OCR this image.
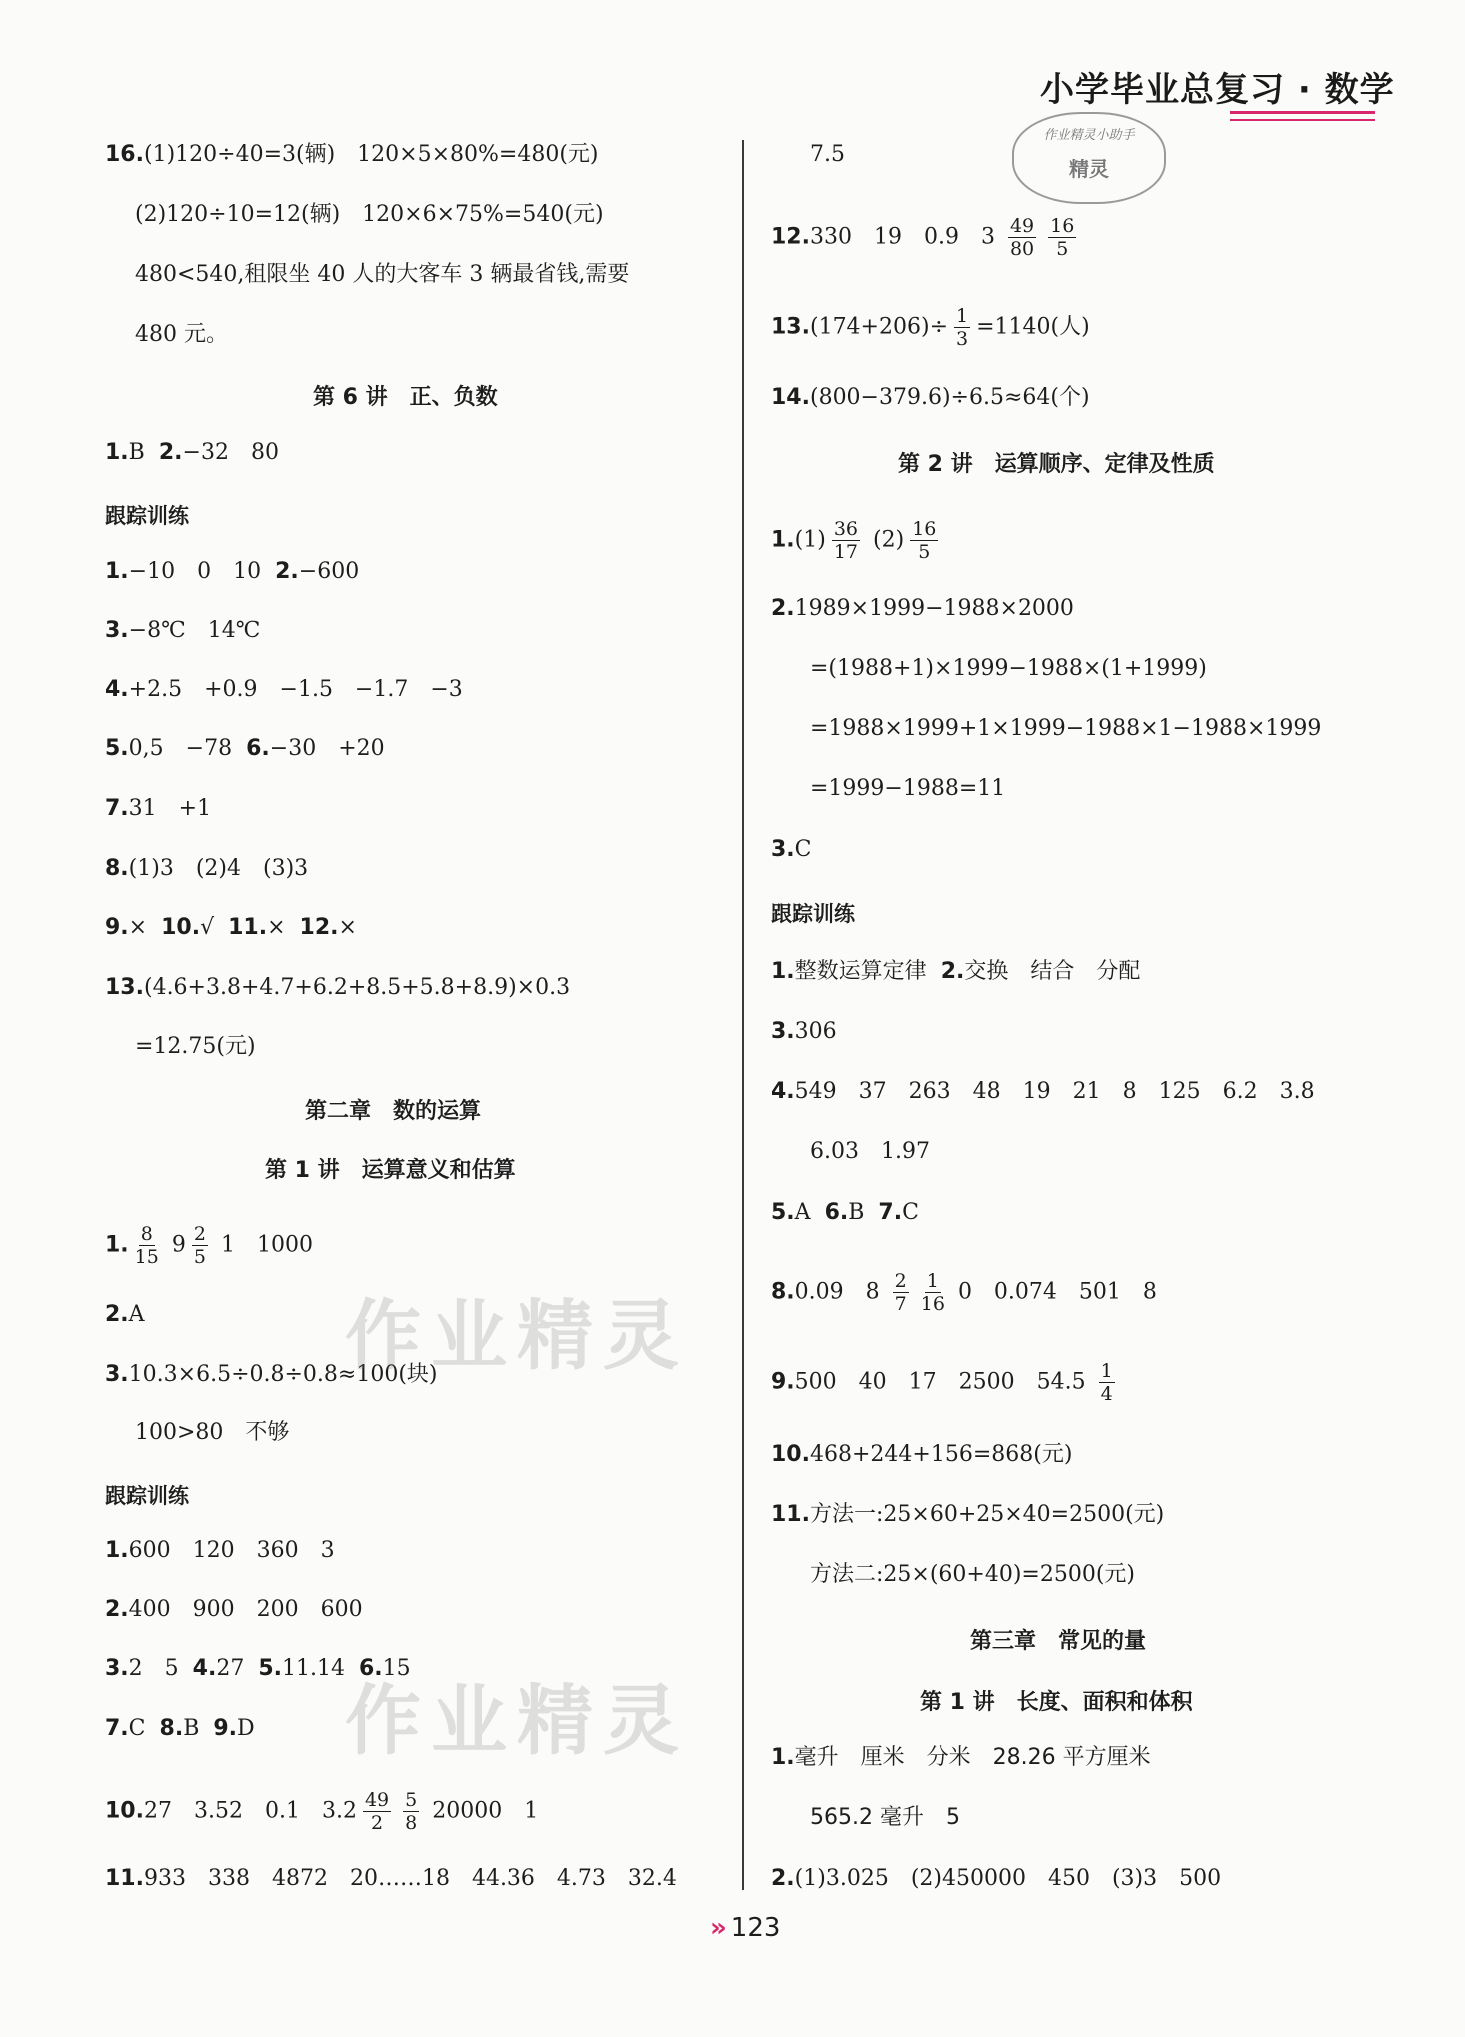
小学毕业总复习 · 数学
作业精灵小助手
精灵
16.(1)120÷40=3(辆)　120×5×80%=480(元)
(2)120÷10=12(辆)　120×6×75%=540(元)
480<540,租限坐 40 人的大客车 3 辆最省钱,需要
480 元。
第 6 讲　正、负数
1.B 2.−32　80
跟踪训练
1.−10　0　10 2.−600
3.−8℃　14℃
4.+2.5　+0.9　−1.5　−1.7　−3
5.0,5　−78 6.−30　+20
7.31　+1
8.(1)3　(2)4　(3)3
9.× 10.√ 11.× 12.×
13.(4.6+3.8+4.7+6.2+8.5+5.8+8.9)×0.3
=12.75(元)
第二章　数的运算
第 1 讲　运算意义和估算
1. $\frac{8}{15} 9 \frac{2}{5} 1$　1000
2.A
3.10.3×6.5÷0.8÷0.8≈100(块)
100>80　不够
跟踪训练
1.600　120　360　3
2.400　900　200　600
3.2　5 4.27 5.11.14 6.15
7.C 8.B 9.D
10.27　3.52　0.1　$3.2 \frac{49}{2} \frac{5}{8} 20000$　1
11.933　338　4872　20……18　44.36　4.73　32.4
7.5
12.330　19　0.9　$3 \frac{49}{80} \frac{16}{5}$
$13.(174+206)\div \frac{1}{3} =1140$(人)
14.(800−379.6)÷6.5≈64(个)
第 2 讲　运算顺序、定律及性质
$1.(1) \frac{36}{17} (2) \frac{16}{5}$
2.1989×1999−1988×2000
=(1988+1)×1999−1988×(1+1999)
=1988×1999+1×1999−1988×1−1988×1999
=1999−1988=11
3.C
跟踪训练
1.整数运算定律 2.交换　结合　分配
3.306
4.549　37　263　48　19　21　8　125　6.2　3.8
6.03　1.97
5.A 6.B 7.C
8.0.09　$8 \frac{2}{7} \frac{1}{16} 0$　0.074　501　8
9.500　40　17　2500　$54.5 \frac{1}{4}$
10.468+244+156=868(元)
11.方法一:25×60+25×40=2500(元)
方法二:25×(60+40)=2500(元)
第三章　常见的量
第 1 讲　长度、面积和体积
1.毫升　厘米　分米　28.26 平方厘米
565.2 毫升　5
2.(1)3.025　(2)450000　450　(3)3　500
作业精灵
作业精灵
» 123
